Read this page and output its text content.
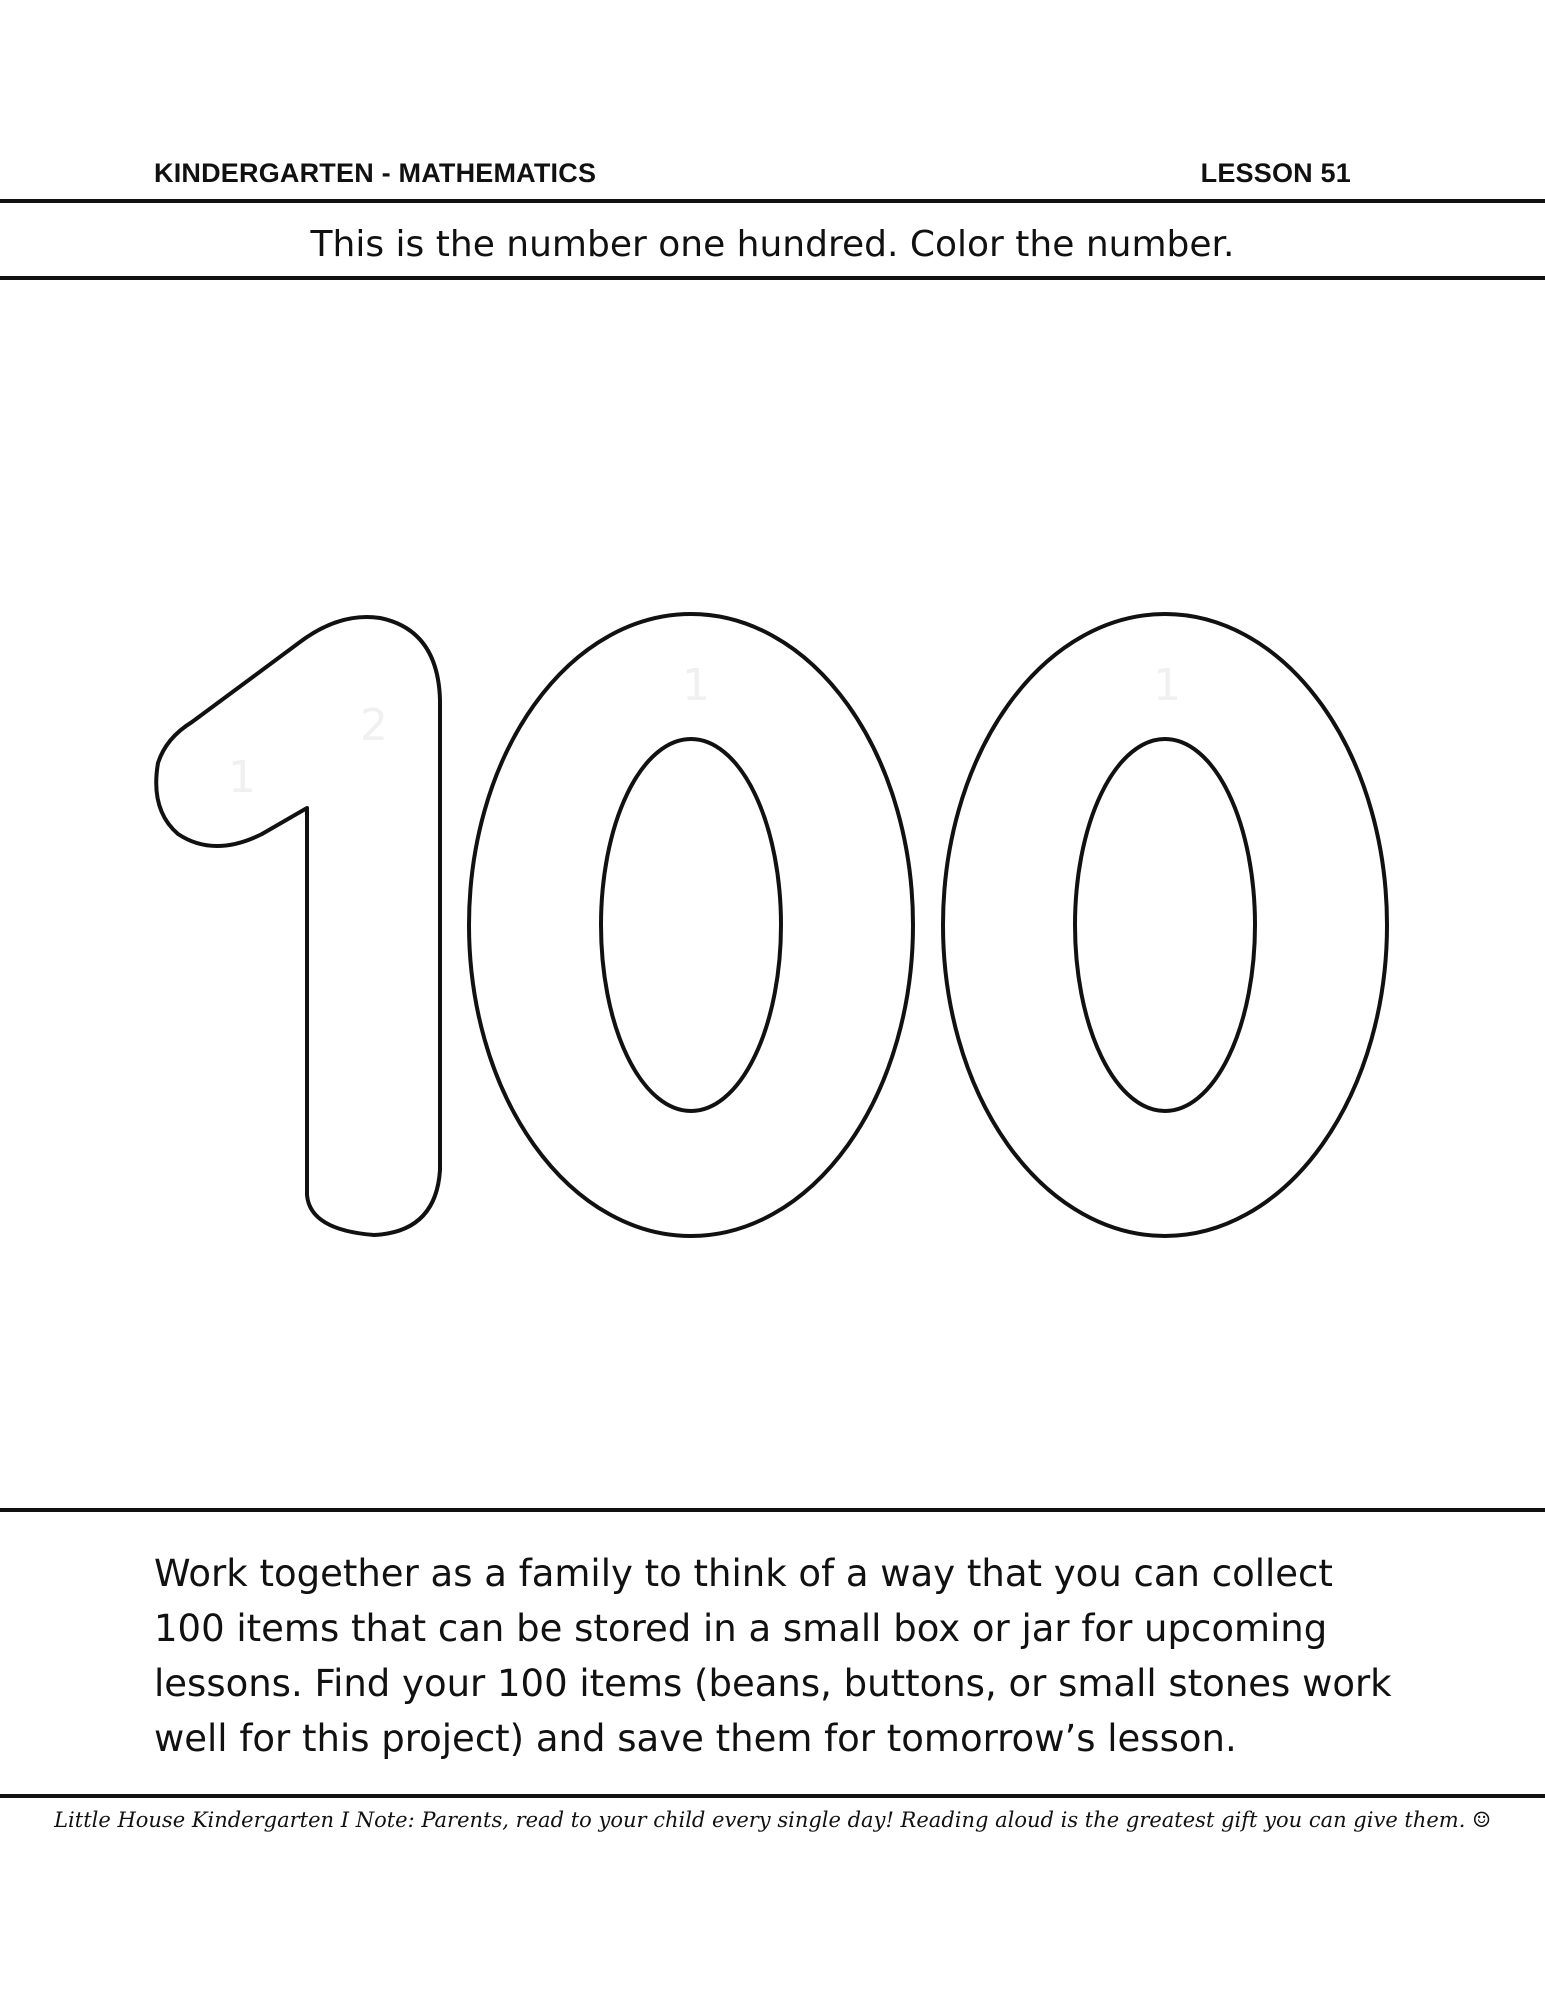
KINDERGARTEN - MATHEMATICS	LESSON 51
This is the number one hundred. Color the number.
1
2
1	1
Work together as a family to think of a way that you can collect 100 items that can be stored in a small box or jar for upcoming lessons. Find your 100 items (beans, buttons, or small stones work well for this project) and save them for tomorrow’s lesson.
Little House Kindergarten I Note: Parents, read to your child every single day! Reading aloud is the greatest gift you can give them. ☺
